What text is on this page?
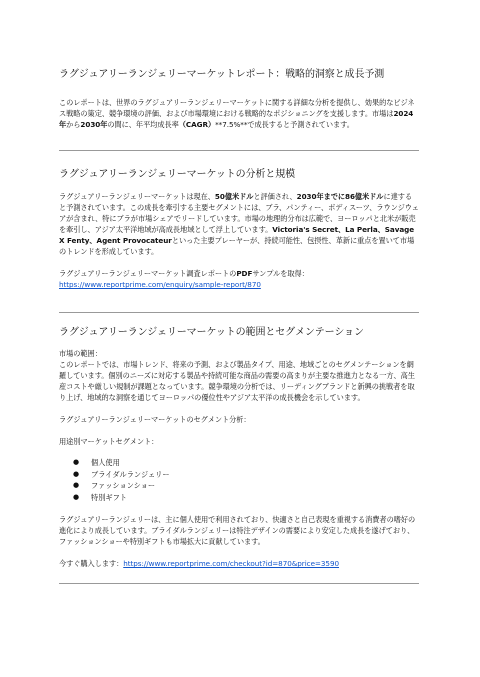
ラグジュアリーランジェリーマーケットレポート：戦略的洞察と成長予測

このレポートは、世界のラグジュアリーランジェリーマーケットに関する詳細な分析を提供し、効果的なビジネス戦略の策定、競争環境の評価、および市場環境における戦略的なポジショニングを支援します。市場は2024年から2030年の間に、年平均成長率（CAGR）**7.5%**で成長すると予測されています。

ラグジュアリーランジェリーマーケットの分析と規模

ラグジュアリーランジェリーマーケットは現在、50億米ドルと評価され、2030年までに86億米ドルに達すると予測されています。この成長を牽引する主要セグメントには、ブラ、パンティー、ボディスーツ、ラウンジウェアが含まれ、特にブラが市場シェアでリードしています。市場の地理的分布は広範で、ヨーロッパと北米が販売を牽引し、アジア太平洋地域が高成長地域として浮上しています。Victoria's Secret、La Perla、Savage X Fenty、Agent Provocateurといった主要プレーヤーが、持続可能性、包摂性、革新に重点を置いて市場のトレンドを形成しています。

ラグジュアリーランジェリーマーケット調査レポートのPDFサンプルを取得：
https://www.reportprime.com/enquiry/sample-report/870

ラグジュアリーランジェリーマーケットの範囲とセグメンテーション

市場の範囲：

このレポートでは、市場トレンド、将来の予測、および製品タイプ、用途、地域ごとのセグメンテーションを網羅しています。個別のニーズに対応する製品や持続可能な商品の需要の高まりが主要な推進力となる一方、高生産コストや厳しい規制が課題となっています。競争環境の分析では、リーディングブランドと新興の挑戦者を取り上げ、地域的な洞察を通じてヨーロッパの優位性やアジア太平洋の成長機会を示しています。

ラグジュアリーランジェリーマーケットのセグメント分析：

用途別マーケットセグメント：

● 個人使用
● ブライダルランジェリー
● ファッションショー
● 特別ギフト

ラグジュアリーランジェリーは、主に個人使用で利用されており、快適さと自己表現を重視する消費者の嗜好の進化により成長しています。ブライダルランジェリーは特注デザインの需要により安定した成長を遂げており、ファッションショーや特別ギフトも市場拡大に貢献しています。

今すぐ購入します：https://www.reportprime.com/checkout?id=870&price=3590
